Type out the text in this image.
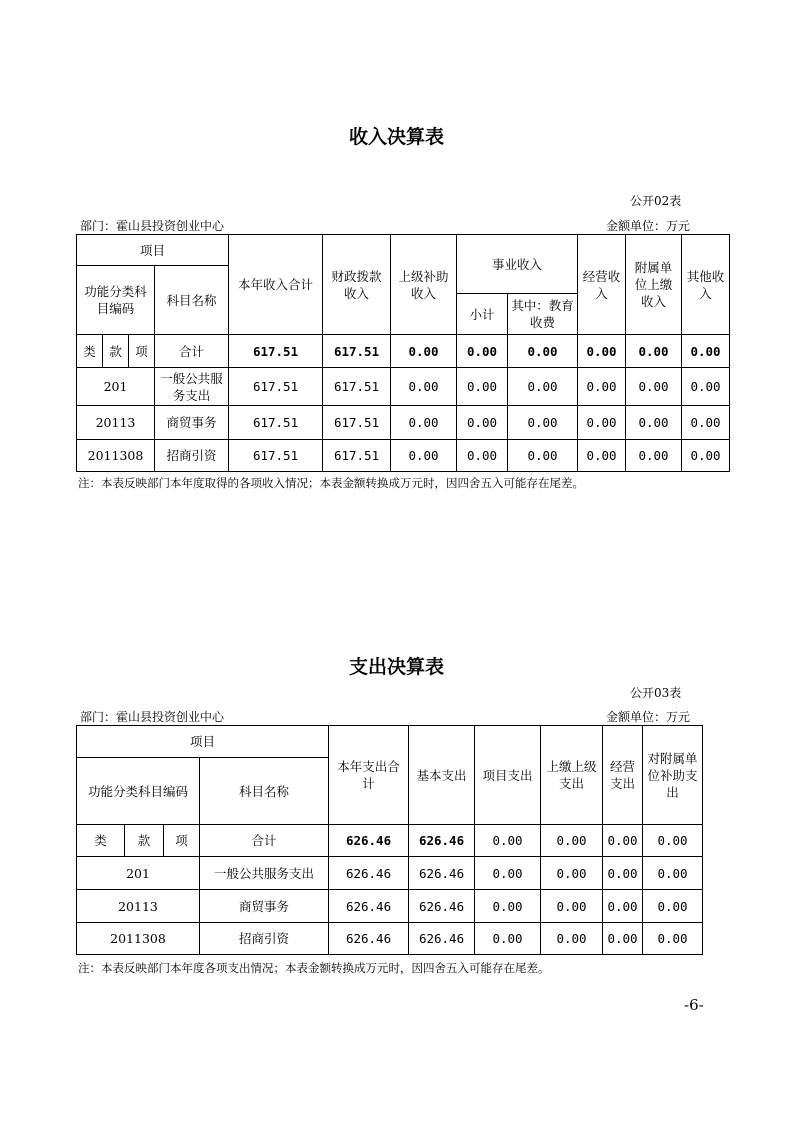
收入决算表
公开02表
部门：霍山县投资创业中心	金额单位：万元
项目				本年收入合计	财政拨款收入	上级补助收入	事业收入		经营收入	附属单位上缴收入	其他收入
功能分类科目编码			科目名称								
							小计	其中：教育收费			
类	款	项	合计	617.51	617.51	0.00	0.00	0.00	0.00	0.00	0.00
201			一般公共服务支出	617.51	617.51	0.00	0.00	0.00	0.00	0.00	0.00
20113			商贸事务	617.51	617.51	0.00	0.00	0.00	0.00	0.00	0.00
2011308			招商引资	617.51	617.51	0.00	0.00	0.00	0.00	0.00	0.00
注：本表反映部门本年度取得的各项收入情况；本表金额转换成万元时，因四舍五入可能存在尾差。
支出决算表
公开03表
部门：霍山县投资创业中心	金额单位：万元
项目				本年支出合计	基本支出	项目支出	上缴上级支出	经营支出	对附属单位补助支出
功能分类科目编码			科目名称						
类	款	项	合计	626.46	626.46	0.00	0.00	0.00	0.00
201			一般公共服务支出	626.46	626.46	0.00	0.00	0.00	0.00
20113			商贸事务	626.46	626.46	0.00	0.00	0.00	0.00
2011308			招商引资	626.46	626.46	0.00	0.00	0.00	0.00
注：本表反映部门本年度各项支出情况；本表金额转换成万元时，因四舍五入可能存在尾差。
-6-
